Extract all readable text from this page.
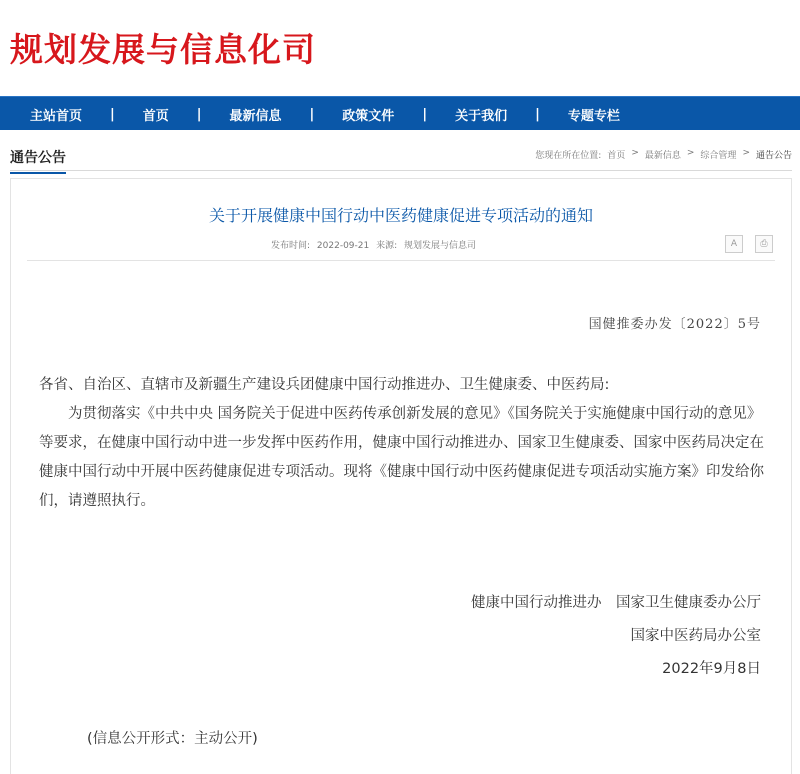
规划发展与信息化司
主站首页 | 首页 | 最新信息 | 政策文件 | 关于我们 | 专题专栏
通告公告	您现在所在位置: 首页 > 最新信息 > 综合管理 > 通告公告
关于开展健康中国行动中医药健康促进专项活动的通知
发布时间: 2022-09-21 来源: 规划发展与信息司	A	⎙
国健推委办发〔2022〕5号

各省、自治区、直辖市及新疆生产建设兵团健康中国行动推进办、卫生健康委、中医药局:

为贯彻落实《中共中央 国务院关于促进中医药传承创新发展的意见》《国务院关于实施健康中国行动的意见》等要求，在健康中国行动中进一步发挥中医药作用，健康中国行动推进办、国家卫生健康委、国家中医药局决定在健康中国行动中开展中医药健康促进专项活动。现将《健康中国行动中医药健康促进专项活动实施方案》印发给你们，请遵照执行。

健康中国行动推进办　国家卫生健康委办公厅
国家中医药局办公室
2022年9月8日
(信息公开形式：主动公开)
